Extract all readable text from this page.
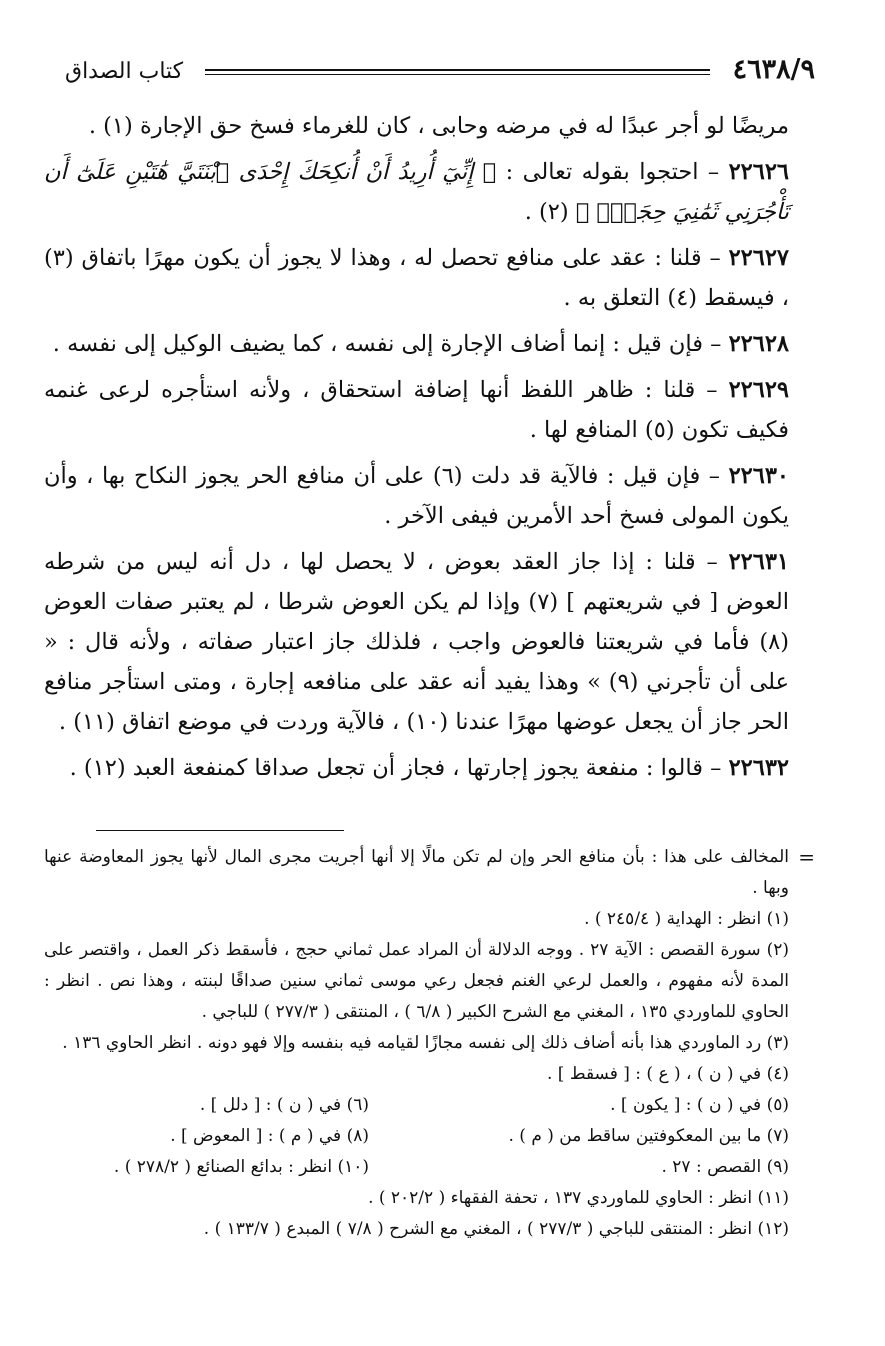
٤٦٣٨/٩
كتاب الصداق

مريضًا لو أجر عبدًا له في مرضه وحابى ، كان للغرماء فسخ حق الإجارة (١) .

٢٢٦٢٦ – احتجوا بقوله تعالى : ﴿ إِنِّيٓ أُرِيدُ أَنْ أُنكِحَكَ إِحْدَى ٱبْنَتَيَّ هَٰتَيْنِ عَلَىٰٓ أَن تَأْجُرَنِي ثَمَٰنِيَ حِجَجٍۖ ﴾ (٢) .

٢٢٦٢٧ – قلنا : عقد على منافع تحصل له ، وهذا لا يجوز أن يكون مهرًا باتفاق (٣) ، فيسقط (٤) التعلق به .

٢٢٦٢٨ – فإن قيل : إنما أضاف الإجارة إلى نفسه ، كما يضيف الوكيل إلى نفسه .

٢٢٦٢٩ – قلنا : ظاهر اللفظ أنها إضافة استحقاق ، ولأنه استأجره لرعى غنمه فكيف تكون (٥) المنافع لها .

٢٢٦٣٠ – فإن قيل : فالآية قد دلت (٦) على أن منافع الحر يجوز النكاح بها ، وأن يكون المولى فسخ أحد الأمرين فيفى الآخر .

٢٢٦٣١ – قلنا : إذا جاز العقد بعوض ، لا يحصل لها ، دل أنه ليس من شرطه العوض [ في شريعتهم ] (٧) وإذا لم يكن العوض شرطا ، لم يعتبر صفات العوض (٨) فأما في شريعتنا فالعوض واجب ، فلذلك جاز اعتبار صفاته ، ولأنه قال : « على أن تأجرني (٩) » وهذا يفيد أنه عقد على منافعه إجارة ، ومتى استأجر منافع الحر جاز أن يجعل عوضها مهرًا عندنا (١٠) ، فالآية وردت في موضع اتفاق (١١) .

٢٢٦٣٢ – قالوا : منفعة يجوز إجارتها ، فجاز أن تجعل صداقا كمنفعة العبد (١٢) .

=
المخالف على هذا : بأن منافع الحر وإن لم تكن مالًا إلا أنها أجريت مجرى المال لأنها يجوز المعاوضة عنها وبها .

(١) انظر : الهداية ( ٢٤٥/٤ ) .

(٢) سورة القصص : الآية ٢٧ . ووجه الدلالة أن المراد عمل ثماني حجج ، فأسقط ذكر العمل ، واقتصر على المدة لأنه مفهوم ، والعمل لرعي الغنم فجعل رعي موسى ثماني سنين صداقًا لبنته ، وهذا نص . انظر : الحاوي للماوردي ١٣٥ ، المغني مع الشرح الكبير ( ٦/٨ ) ، المنتقى ( ٢٧٧/٣ ) للباجي .

(٣) رد الماوردي هذا بأنه أضاف ذلك إلى نفسه مجازًا لقيامه فيه بنفسه وإلا فهو دونه . انظر الحاوي ١٣٦ .

(٤) في ( ن ) ، ( ع ) : [ فسقط ] .

(٥) في ( ن ) : [ يكون ] .
(٦) في ( ن ) : [ دلل ] .
(٧) ما بين المعكوفتين ساقط من ( م ) .
(٨) في ( م ) : [ المعوض ] .
(٩) القصص : ٢٧ .
(١٠) انظر : بدائع الصنائع ( ٢٧٨/٢ ) .

(١١) انظر : الحاوي للماوردي ١٣٧ ، تحفة الفقهاء ( ٢٠٢/٢ ) .

(١٢) انظر : المنتقى للباجي ( ٢٧٧/٣ ) ، المغني مع الشرح ( ٧/٨ ) المبدع ( ١٣٣/٧ ) .
